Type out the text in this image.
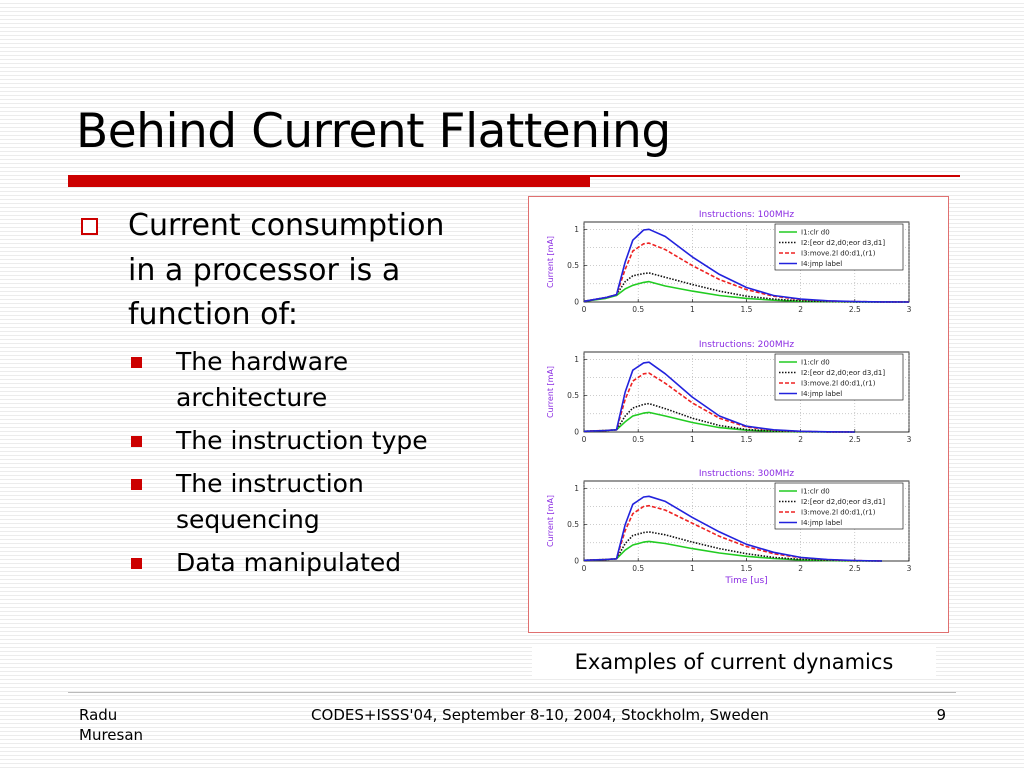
Behind Current Flattening
Current consumption in a processor is a function of:
The hardware architecture
The instruction type
The instruction sequencing
Data manipulated
Instructions: 100MHz
0	0.5	1	1.5	2	2.5	3
0
0.5
1
Current [mA]
I1:clr d0
I2:[eor d2,d0;eor d3,d1]
I3:move.2l d0:d1,(r1)
I4:jmp label
Instructions: 200MHz
0	0.5	1	1.5	2	2.5	3
0
0.5
1
Current [mA]
I1:clr d0
I2:[eor d2,d0;eor d3,d1]
I3:move.2l d0:d1,(r1)
I4:jmp label
Instructions: 300MHz
0	0.5	1	1.5	2	2.5	3
0
0.5
1
Current [mA]
Time [us]
I1:clr d0
I2:[eor d2,d0;eor d3,d1]
I3:move.2l d0:d1,(r1)
I4:jmp label
Examples of current dynamics
Radu
Muresan
CODES+ISSS'04, September 8-10, 2004, Stockholm, Sweden	9
